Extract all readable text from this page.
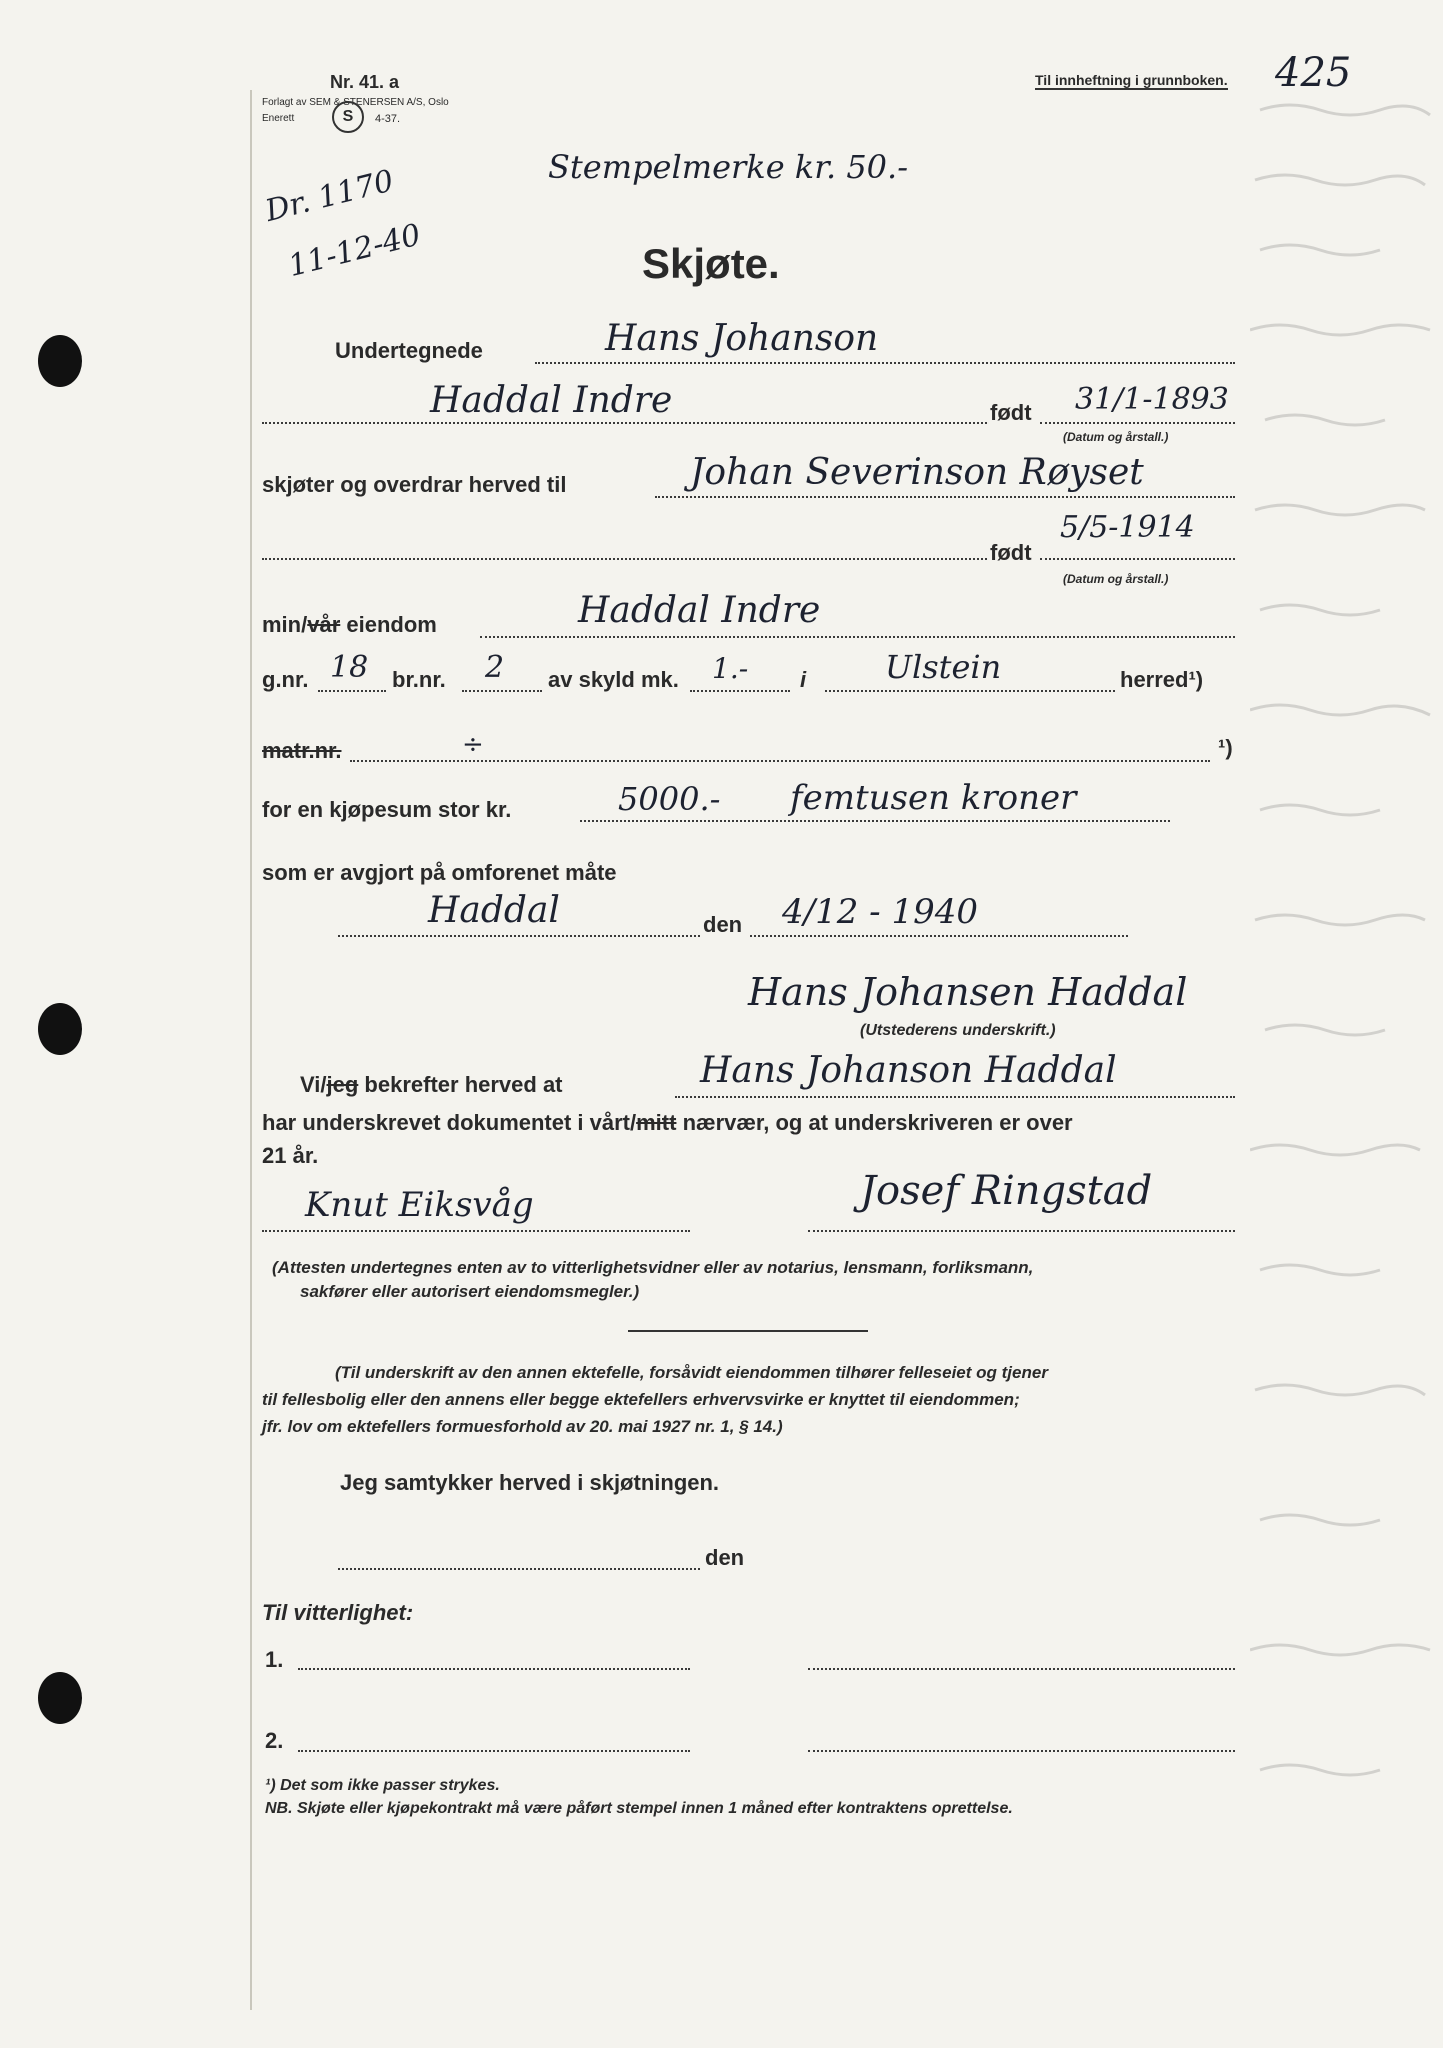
Nr. 41. a
Forlagt av SEM & STENERSEN A/S, Oslo
Enerett	S	4-37.
Til innheftning i grunnboken. 425
Dr. 1170
11-12-40
Stempelmerke kr. 50.-
Skjøte.
Undertegnede	Hans Johanson
Haddal Indre	født 31/1-1893
(Datum og årstall.)
skjøter og overdrar herved til	Johan Severinson Røyset
født
5/5-1914
(Datum og årstall.)
min/vår eiendom	Haddal Indre
g.nr. 18 br.nr. 2 av skyld mk. 1.- i Ulstein	herred¹)
matr.nr.	÷	¹)
for en kjøpesum stor kr.	5000.- femtusen kroner
som er avgjort på omforenet måte
Haddal	den 4/12 - 1940
Hans Johansen Haddal
(Utstederens underskrift.)
Vi/jeg bekrefter herved at	Hans Johanson Haddal
har underskrevet dokumentet i vårt/mitt nærvær, og at underskriveren er over
21 år.
Knut Eiksvåg	Josef Ringstad
(Attesten undertegnes enten av to vitterlighetsvidner eller av notarius, lensmann, forliksmann,
sakfører eller autorisert eiendomsmegler.)
(Til underskrift av den annen ektefelle, forsåvidt eiendommen tilhører felleseiet og tjener
til fellesbolig eller den annens eller begge ektefellers erhvervsvirke er knyttet til eiendommen;
jfr. lov om ektefellers formuesforhold av 20. mai 1927 nr. 1, § 14.)
Jeg samtykker herved i skjøtningen.
den
Til vitterlighet:
1.
2.
¹) Det som ikke passer strykes.
NB. Skjøte eller kjøpekontrakt må være påført stempel innen 1 måned efter kontraktens oprettelse.
